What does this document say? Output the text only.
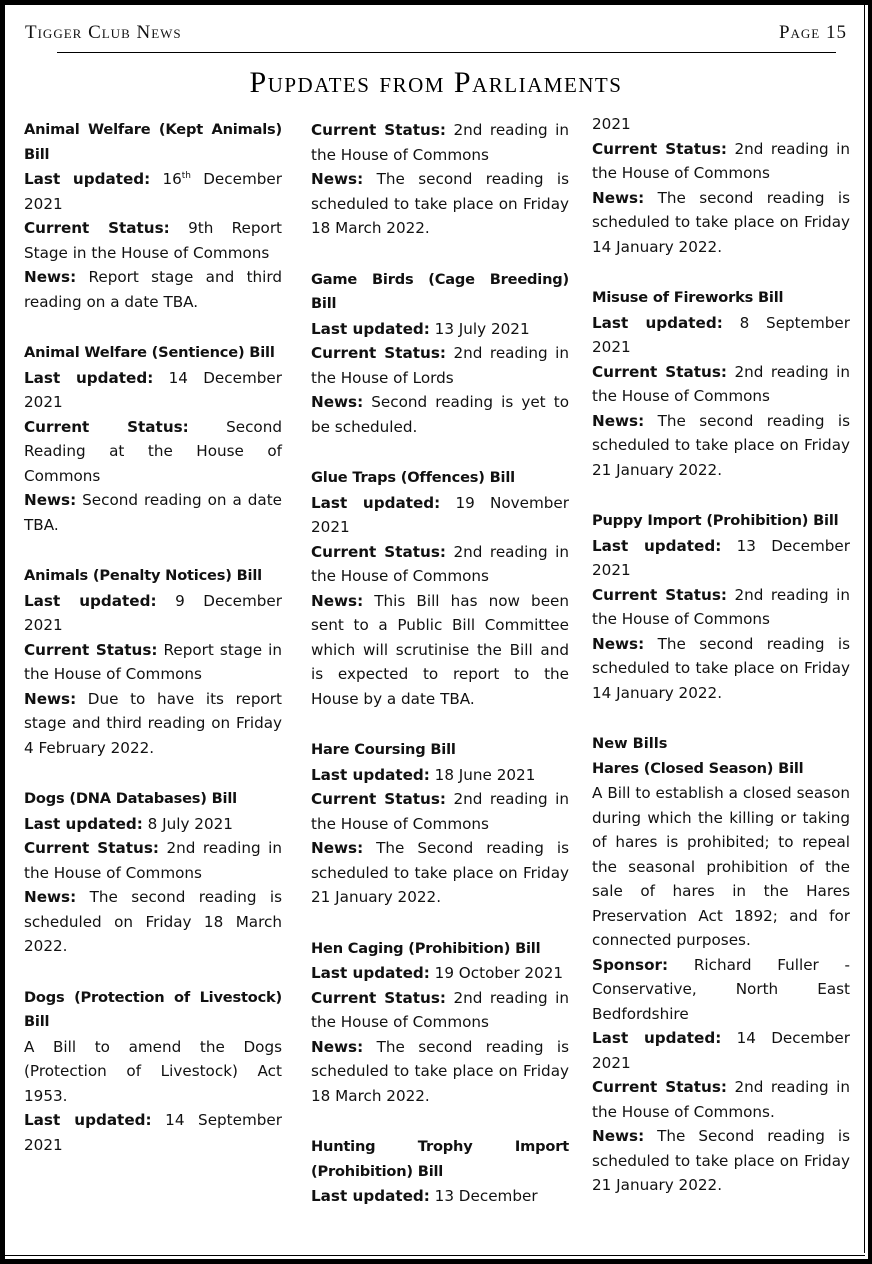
Tigger Club News	Page 15
Pupdates from Parliaments
Animal Welfare (Kept Animals) Bill
Last updated: 16th December 2021
Current Status: 9th Report Stage in the House of Commons
News: Report stage and third reading on a date TBA.
Animal Welfare (Sentience) Bill
Last updated: 14 December 2021
Current Status: Second Reading at the House of Commons
News: Second reading on a date TBA.
Animals (Penalty Notices) Bill
Last updated: 9 December 2021
Current Status: Report stage in the House of Commons
News: Due to have its report stage and third reading on Friday 4 February 2022.
Dogs (DNA Databases) Bill
Last updated: 8 July 2021
Current Status: 2nd reading in the House of Commons
News: The second reading is scheduled on Friday 18 March 2022.
Dogs (Protection of Livestock) Bill
A Bill to amend the Dogs (Protection of Livestock) Act 1953.
Last updated: 14 September 2021
Current Status: 2nd reading in the House of Commons
News: The second reading is scheduled to take place on Friday 18 March 2022.
Game Birds (Cage Breeding) Bill
Last updated: 13 July 2021
Current Status: 2nd reading in the House of Lords
News: Second reading is yet to be scheduled.
Glue Traps (Offences) Bill
Last updated: 19 November 2021
Current Status: 2nd reading in the House of Commons
News: This Bill has now been sent to a Public Bill Committee which will scrutinise the Bill and is expected to report to the House by a date TBA.
Hare Coursing Bill
Last updated: 18 June 2021
Current Status: 2nd reading in the House of Commons
News: The Second reading is scheduled to take place on Friday 21 January 2022.
Hen Caging (Prohibition) Bill
Last updated: 19 October 2021
Current Status: 2nd reading in the House of Commons
News: The second reading is scheduled to take place on Friday 18 March 2022.
Hunting Trophy Import (Prohibition) Bill
Last updated: 13 December
2021
Current Status: 2nd reading in the House of Commons
News: The second reading is scheduled to take place on Friday 14 January 2022.
Misuse of Fireworks Bill
Last updated: 8 September 2021
Current Status: 2nd reading in the House of Commons
News: The second reading is scheduled to take place on Friday 21 January 2022.
Puppy Import (Prohibition) Bill
Last updated: 13 December 2021
Current Status: 2nd reading in the House of Commons
News: The second reading is scheduled to take place on Friday 14 January 2022.
New Bills
Hares (Closed Season) Bill
A Bill to establish a closed season during which the killing or taking of hares is prohibited; to repeal the seasonal prohibition of the sale of hares in the Hares Preservation Act 1892; and for connected purposes.
Sponsor: Richard Fuller - Conservative, North East Bedfordshire
Last updated: 14 December 2021
Current Status: 2nd reading in the House of Commons.
News: The Second reading is scheduled to take place on Friday 21 January 2022.
